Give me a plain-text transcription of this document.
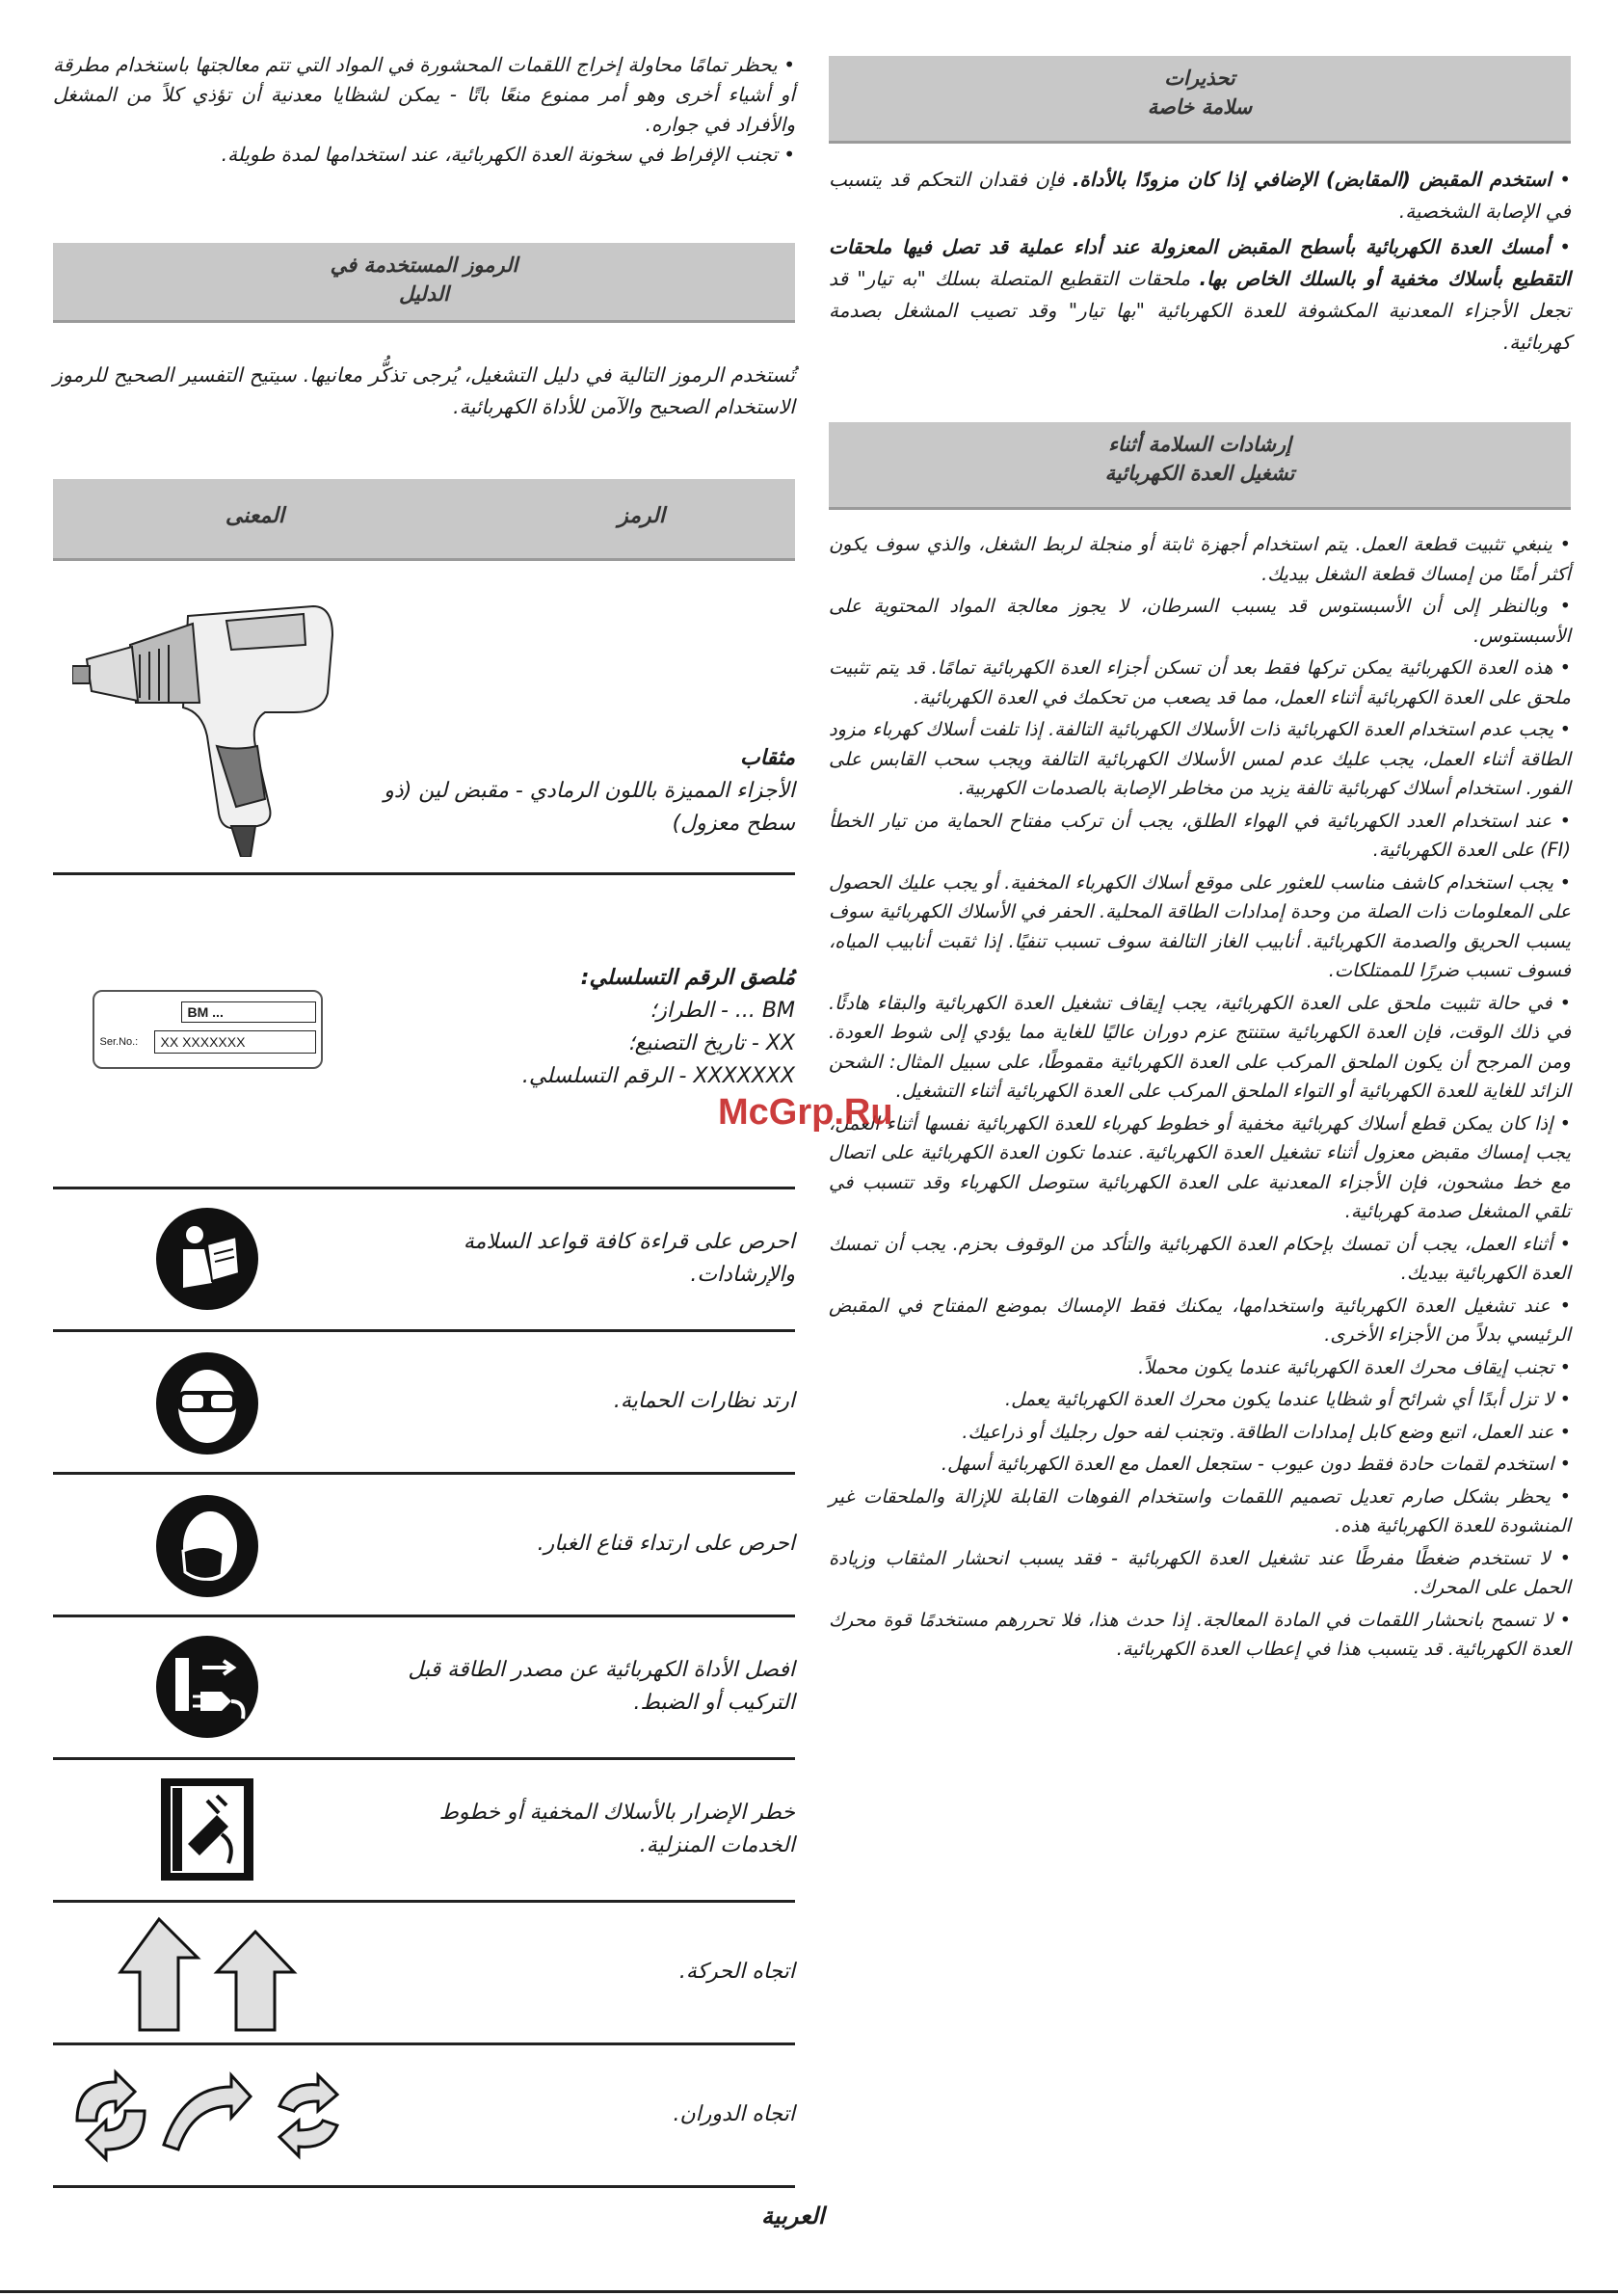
تحذيرات
سلامة خاصة

• استخدم المقبض (المقابض) الإضافي إذا كان مزودًا بالأداة. فإن فقدان التحكم قد يتسبب في الإصابة الشخصية.

• أمسك العدة الكهربائية بأسطح المقبض المعزولة عند أداء عملية قد تصل فيها ملحقات التقطيع بأسلاك مخفية أو بالسلك الخاص بها. ملحقات التقطيع المتصلة بسلك "به تيار" قد تجعل الأجزاء المعدنية المكشوفة للعدة الكهربائية "بها تيار" وقد تصيب المشغل بصدمة كهربائية.

إرشادات السلامة أثناء
تشغيل العدة الكهربائية

• ينبغي تثبيت قطعة العمل. يتم استخدام أجهزة ثابتة أو منجلة لربط الشغل، والذي سوف يكون أكثر أمنًا من إمساك قطعة الشغل بيديك.

• وبالنظر إلى أن الأسبستوس قد يسبب السرطان، لا يجوز معالجة المواد المحتوية على الأسبستوس.

• هذه العدة الكهربائية يمكن تركها فقط بعد أن تسكن أجزاء العدة الكهربائية تمامًا. قد يتم تثبيت ملحق على العدة الكهربائية أثناء العمل، مما قد يصعب من تحكمك في العدة الكهربائية.

• يجب عدم استخدام العدة الكهربائية ذات الأسلاك الكهربائية التالفة. إذا تلفت أسلاك كهرباء مزود الطاقة أثناء العمل، يجب عليك عدم لمس الأسلاك الكهربائية التالفة ويجب سحب القابس على الفور. استخدام أسلاك كهربائية تالفة يزيد من مخاطر الإصابة بالصدمات الكهربية.

• عند استخدام العدد الكهربائية في الهواء الطلق، يجب أن تركب مفتاح الحماية من تيار الخطأ (FI) على العدة الكهربائية.

• يجب استخدام كاشف مناسب للعثور على موقع أسلاك الكهرباء المخفية. أو يجب عليك الحصول على المعلومات ذات الصلة من وحدة إمدادات الطاقة المحلية. الحفر في الأسلاك الكهربائية سوف يسبب الحريق والصدمة الكهربائية. أنابيب الغاز التالفة سوف تسبب تنفيًا. إذا ثقبت أنابيب المياه، فسوف تسبب ضررًا للممتلكات.

• في حالة تثبيت ملحق على العدة الكهربائية، يجب إيقاف تشغيل العدة الكهربائية والبقاء هادئًا. في ذلك الوقت، فإن العدة الكهربائية ستنتج عزم دوران عاليًا للغاية مما يؤدي إلى شوط العودة. ومن المرجح أن يكون الملحق المركب على العدة الكهربائية مقموطًا، على سبيل المثال: الشحن الزائد للغاية للعدة الكهربائية أو التواء الملحق المركب على العدة الكهربائية أثناء التشغيل.

• إذا كان يمكن قطع أسلاك كهربائية مخفية أو خطوط كهرباء للعدة الكهربائية نفسها أثناء العمل، يجب إمساك مقبض معزول أثناء تشغيل العدة الكهربائية. عندما تكون العدة الكهربائية على اتصال مع خط مشحون، فإن الأجزاء المعدنية على العدة الكهربائية ستوصل الكهرباء وقد تتسبب في تلقي المشغل صدمة كهربائية.

• أثناء العمل، يجب أن تمسك بإحكام العدة الكهربائية والتأكد من الوقوف بحزم. يجب أن تمسك العدة الكهربائية بيديك.

• عند تشغيل العدة الكهربائية واستخدامها، يمكنك فقط الإمساك بموضع المفتاح في المقبض الرئيسي بدلاً من الأجزاء الأخرى.

• تجنب إيقاف محرك العدة الكهربائية عندما يكون محملاً.

• لا تزل أبدًا أي شرائح أو شظايا عندما يكون محرك العدة الكهربائية يعمل.

• عند العمل، اتبع وضع كابل إمدادات الطاقة. وتجنب لفه حول رجليك أو ذراعيك.

• استخدم لقمات حادة فقط دون عيوب - ستجعل العمل مع العدة الكهربائية أسهل.

• يحظر بشكل صارم تعديل تصميم اللقمات واستخدام الفوهات القابلة للإزالة والملحقات غير المنشودة للعدة الكهربائية هذه.

• لا تستخدم ضغطًا مفرطًا عند تشغيل العدة الكهربائية - فقد يسبب انحشار المثقاب وزيادة الحمل على المحرك.

• لا تسمح بانحشار اللقمات في المادة المعالجة. إذا حدث هذا، فلا تحررهم مستخدمًا قوة محرك العدة الكهربائية. قد يتسبب هذا في إعطاب العدة الكهربائية.

• يحظر تمامًا محاولة إخراج اللقمات المحشورة في المواد التي تتم معالجتها باستخدام مطرقة أو أشياء أخرى وهو أمر ممنوع منعًا باتًا - يمكن لشظايا معدنية أن تؤذي كلاً من المشغل والأفراد في جواره.

• تجنب الإفراط في سخونة العدة الكهربائية، عند استخدامها لمدة طويلة.

الرموز المستخدمة في
الدليل
تُستخدم الرموز التالية في دليل التشغيل، يُرجى تذكُّر معانيها. سيتيح التفسير الصحيح للرموز الاستخدام الصحيح والآمن للأداة الكهربائية.
الرمز
المعنى
مثقاب
الأجزاء المميزة باللون الرمادي - مقبض لين (ذو سطح معزول)
مُلصق الرقم التسلسلي:
BM ... - الطراز؛
XX - تاريخ التصنيع؛
XXXXXXX - الرقم التسلسلي.
BM ...
Ser.No.:	XX XXXXXXX
احرص على قراءة كافة قواعد السلامة والإرشادات.
ارتد نظارات الحماية.
احرص على ارتداء قناع الغبار.
افصل الأداة الكهربائية عن مصدر الطاقة قبل التركيب أو الضبط.
خطر الإضرار بالأسلاك المخفية أو خطوط الخدمات المنزلية.
اتجاه الحركة.
اتجاه الدوران.
McGrp.Ru
العربية
